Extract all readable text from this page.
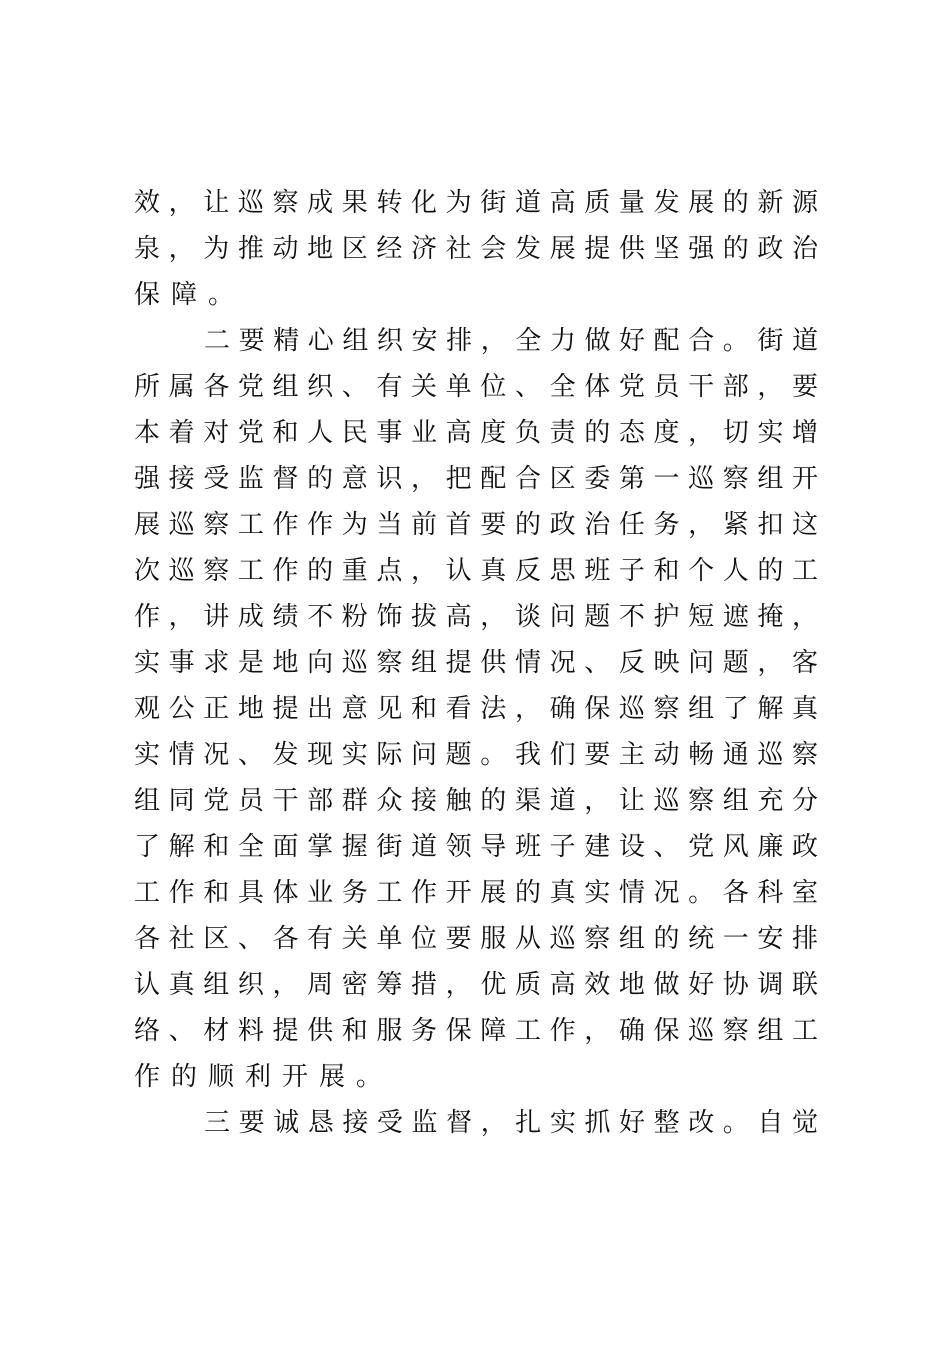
效，让巡察成果转化为街道高质量发展的新源
泉，为推动地区经济社会发展提供坚强的政治
保障。
二要精心组织安排，全力做好配合。街道
所属各党组织、有关单位、全体党员干部，要
本着对党和人民事业高度负责的态度，切实增
强接受监督的意识，把配合区委第一巡察组开
展巡察工作作为当前首要的政治任务，紧扣这
次巡察工作的重点，认真反思班子和个人的工
作，讲成绩不粉饰拔高，谈问题不护短遮掩，
实事求是地向巡察组提供情况、反映问题，客
观公正地提出意见和看法，确保巡察组了解真
实情况、发现实际问题。我们要主动畅通巡察
组同党员干部群众接触的渠道，让巡察组充分
了解和全面掌握街道领导班子建设、党风廉政
工作和具体业务工作开展的真实情况。各科室
各社区、各有关单位要服从巡察组的统一安排
认真组织，周密筹措，优质高效地做好协调联
络、材料提供和服务保障工作，确保巡察组工
作的顺利开展。
三要诚恳接受监督，扎实抓好整改。自觉
